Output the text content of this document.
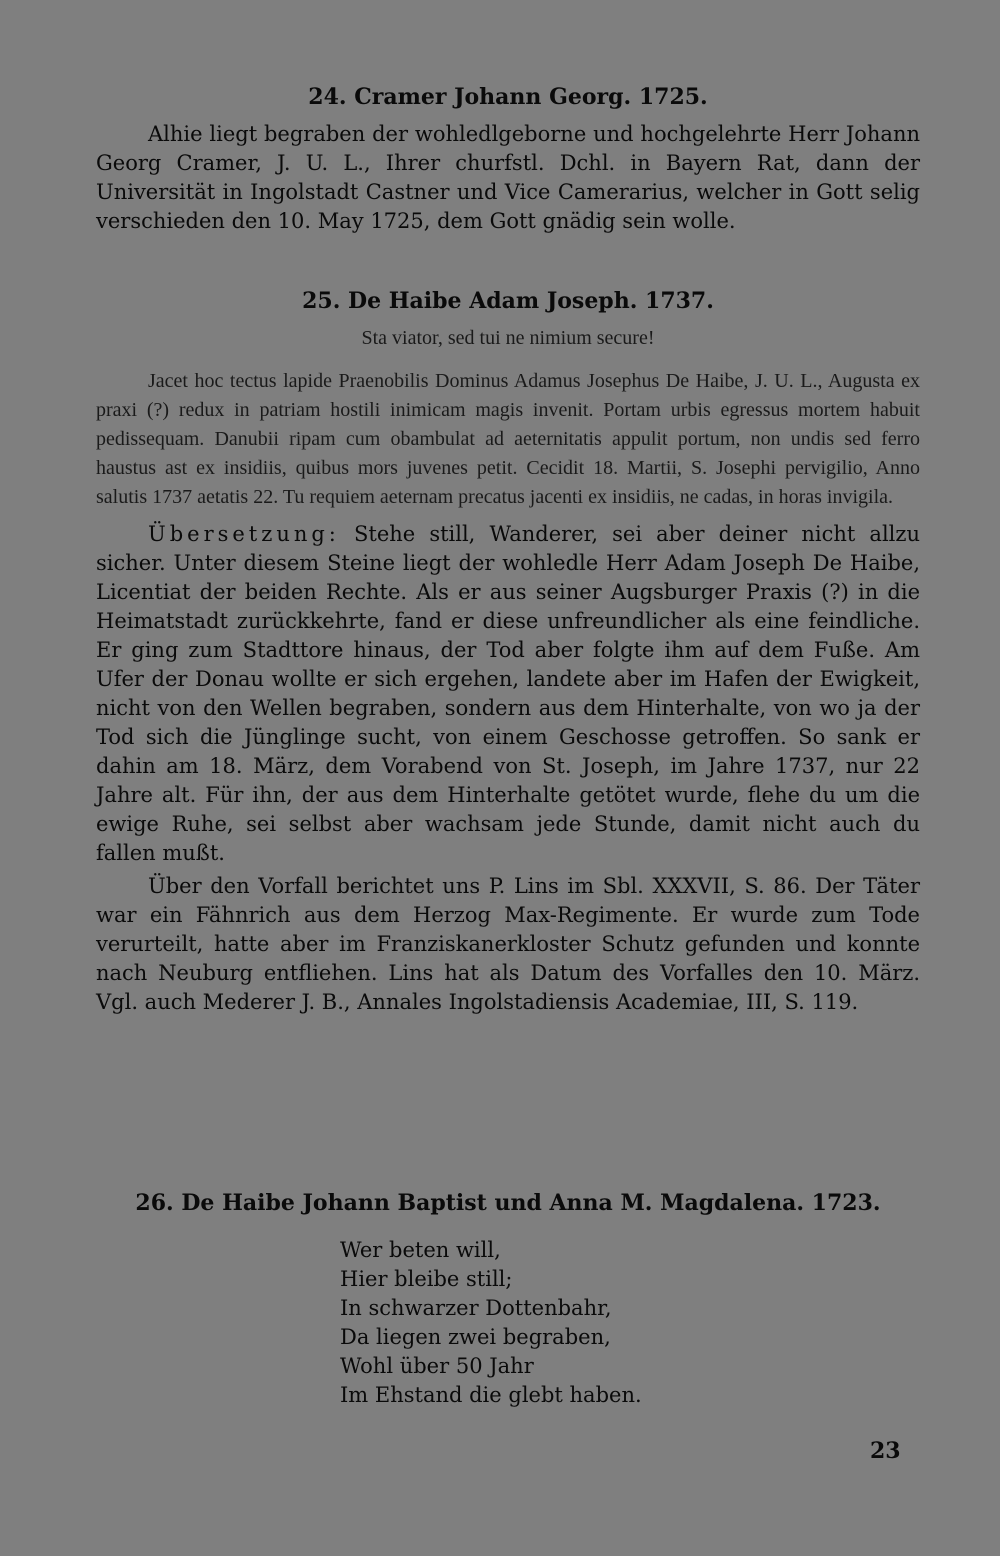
24. Cramer Johann Georg. 1725.

Alhie liegt begraben der wohledlgeborne und hochgelehrte Herr Johann Georg Cramer, J. U. L., Ihrer churfstl. Dchl. in Bayern Rat, dann der Universität in Ingolstadt Castner und Vice Camerarius, welcher in Gott selig verschieden den 10. May 1725, dem Gott gnädig sein wolle.

25. De Haibe Adam Joseph. 1737.

Sta viator, sed tui ne nimium secure!

Jacet hoc tectus lapide Praenobilis Dominus Adamus Josephus De Haibe, J. U. L., Augusta ex praxi (?) redux in patriam hostili inimicam magis invenit. Portam urbis egressus mortem habuit pedissequam. Danubii ripam cum obambulat ad aeternitatis appulit portum, non undis sed ferro haustus ast ex insidiis, quibus mors juvenes petit. Cecidit 18. Martii, S. Josephi pervigilio, Anno salutis 1737 aetatis 22. Tu requiem aeternam precatus jacenti ex insidiis, ne cadas, in horas invigila.

Übersetzung: Stehe still, Wanderer, sei aber deiner nicht allzu sicher. Unter diesem Steine liegt der wohledle Herr Adam Joseph De Haibe, Licentiat der beiden Rechte. Als er aus seiner Augsburger Praxis (?) in die Heimatstadt zurückkehrte, fand er diese unfreundlicher als eine feindliche. Er ging zum Stadttore hinaus, der Tod aber folgte ihm auf dem Fuße. Am Ufer der Donau wollte er sich ergehen, landete aber im Hafen der Ewigkeit, nicht von den Wellen begraben, sondern aus dem Hinterhalte, von wo ja der Tod sich die Jünglinge sucht, von einem Geschosse getroffen. So sank er dahin am 18. März, dem Vorabend von St. Joseph, im Jahre 1737, nur 22 Jahre alt. Für ihn, der aus dem Hinterhalte getötet wurde, flehe du um die ewige Ruhe, sei selbst aber wachsam jede Stunde, damit nicht auch du fallen mußt.

Über den Vorfall berichtet uns P. Lins im Sbl. XXXVII, S. 86. Der Täter war ein Fähnrich aus dem Herzog Max-Regimente. Er wurde zum Tode verurteilt, hatte aber im Franziskanerkloster Schutz gefunden und konnte nach Neuburg entfliehen. Lins hat als Datum des Vorfalles den 10. März. Vgl. auch Mederer J. B., Annales Ingolstadiensis Academiae, III, S. 119.

26. De Haibe Johann Baptist und Anna M. Magdalena. 1723.
Wer beten will,
Hier bleibe still;
In schwarzer Dottenbahr,
Da liegen zwei begraben,
Wohl über 50 Jahr
Im Ehstand die glebt haben.
23
